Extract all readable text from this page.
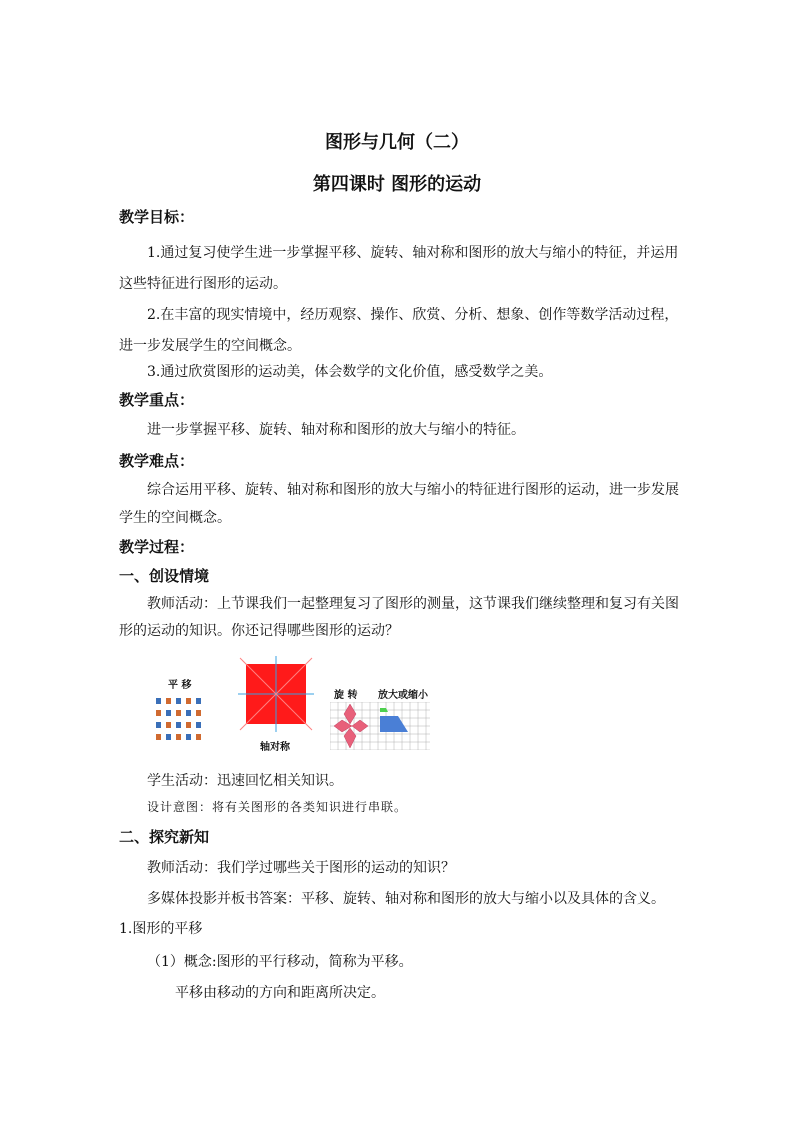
图形与几何（二）
第四课时 图形的运动
教学目标：
1.通过复习使学生进一步掌握平移、旋转、轴对称和图形的放大与缩小的特征，并运用
这些特征进行图形的运动。
2.在丰富的现实情境中，经历观察、操作、欣赏、分析、想象、创作等数学活动过程，
进一步发展学生的空间概念。
3.通过欣赏图形的运动美，体会数学的文化价值，感受数学之美。
教学重点：
进一步掌握平移、旋转、轴对称和图形的放大与缩小的特征。
教学难点：
综合运用平移、旋转、轴对称和图形的放大与缩小的特征进行图形的运动，进一步发展
学生的空间概念。
教学过程：
一、创设情境
教师活动：上节课我们一起整理复习了图形的测量，这节课我们继续整理和复习有关图
形的运动的知识。你还记得哪些图形的运动？
平 移
轴对称
旋 转 放大或缩小
学生活动：迅速回忆相关知识。
设计意图：将有关图形的各类知识进行串联。
二、探究新知
教师活动：我们学过哪些关于图形的运动的知识？
多媒体投影并板书答案：平移、旋转、轴对称和图形的放大与缩小以及具体的含义。
1.图形的平移
（1）概念:图形的平行移动，简称为平移。
平移由移动的方向和距离所决定。
